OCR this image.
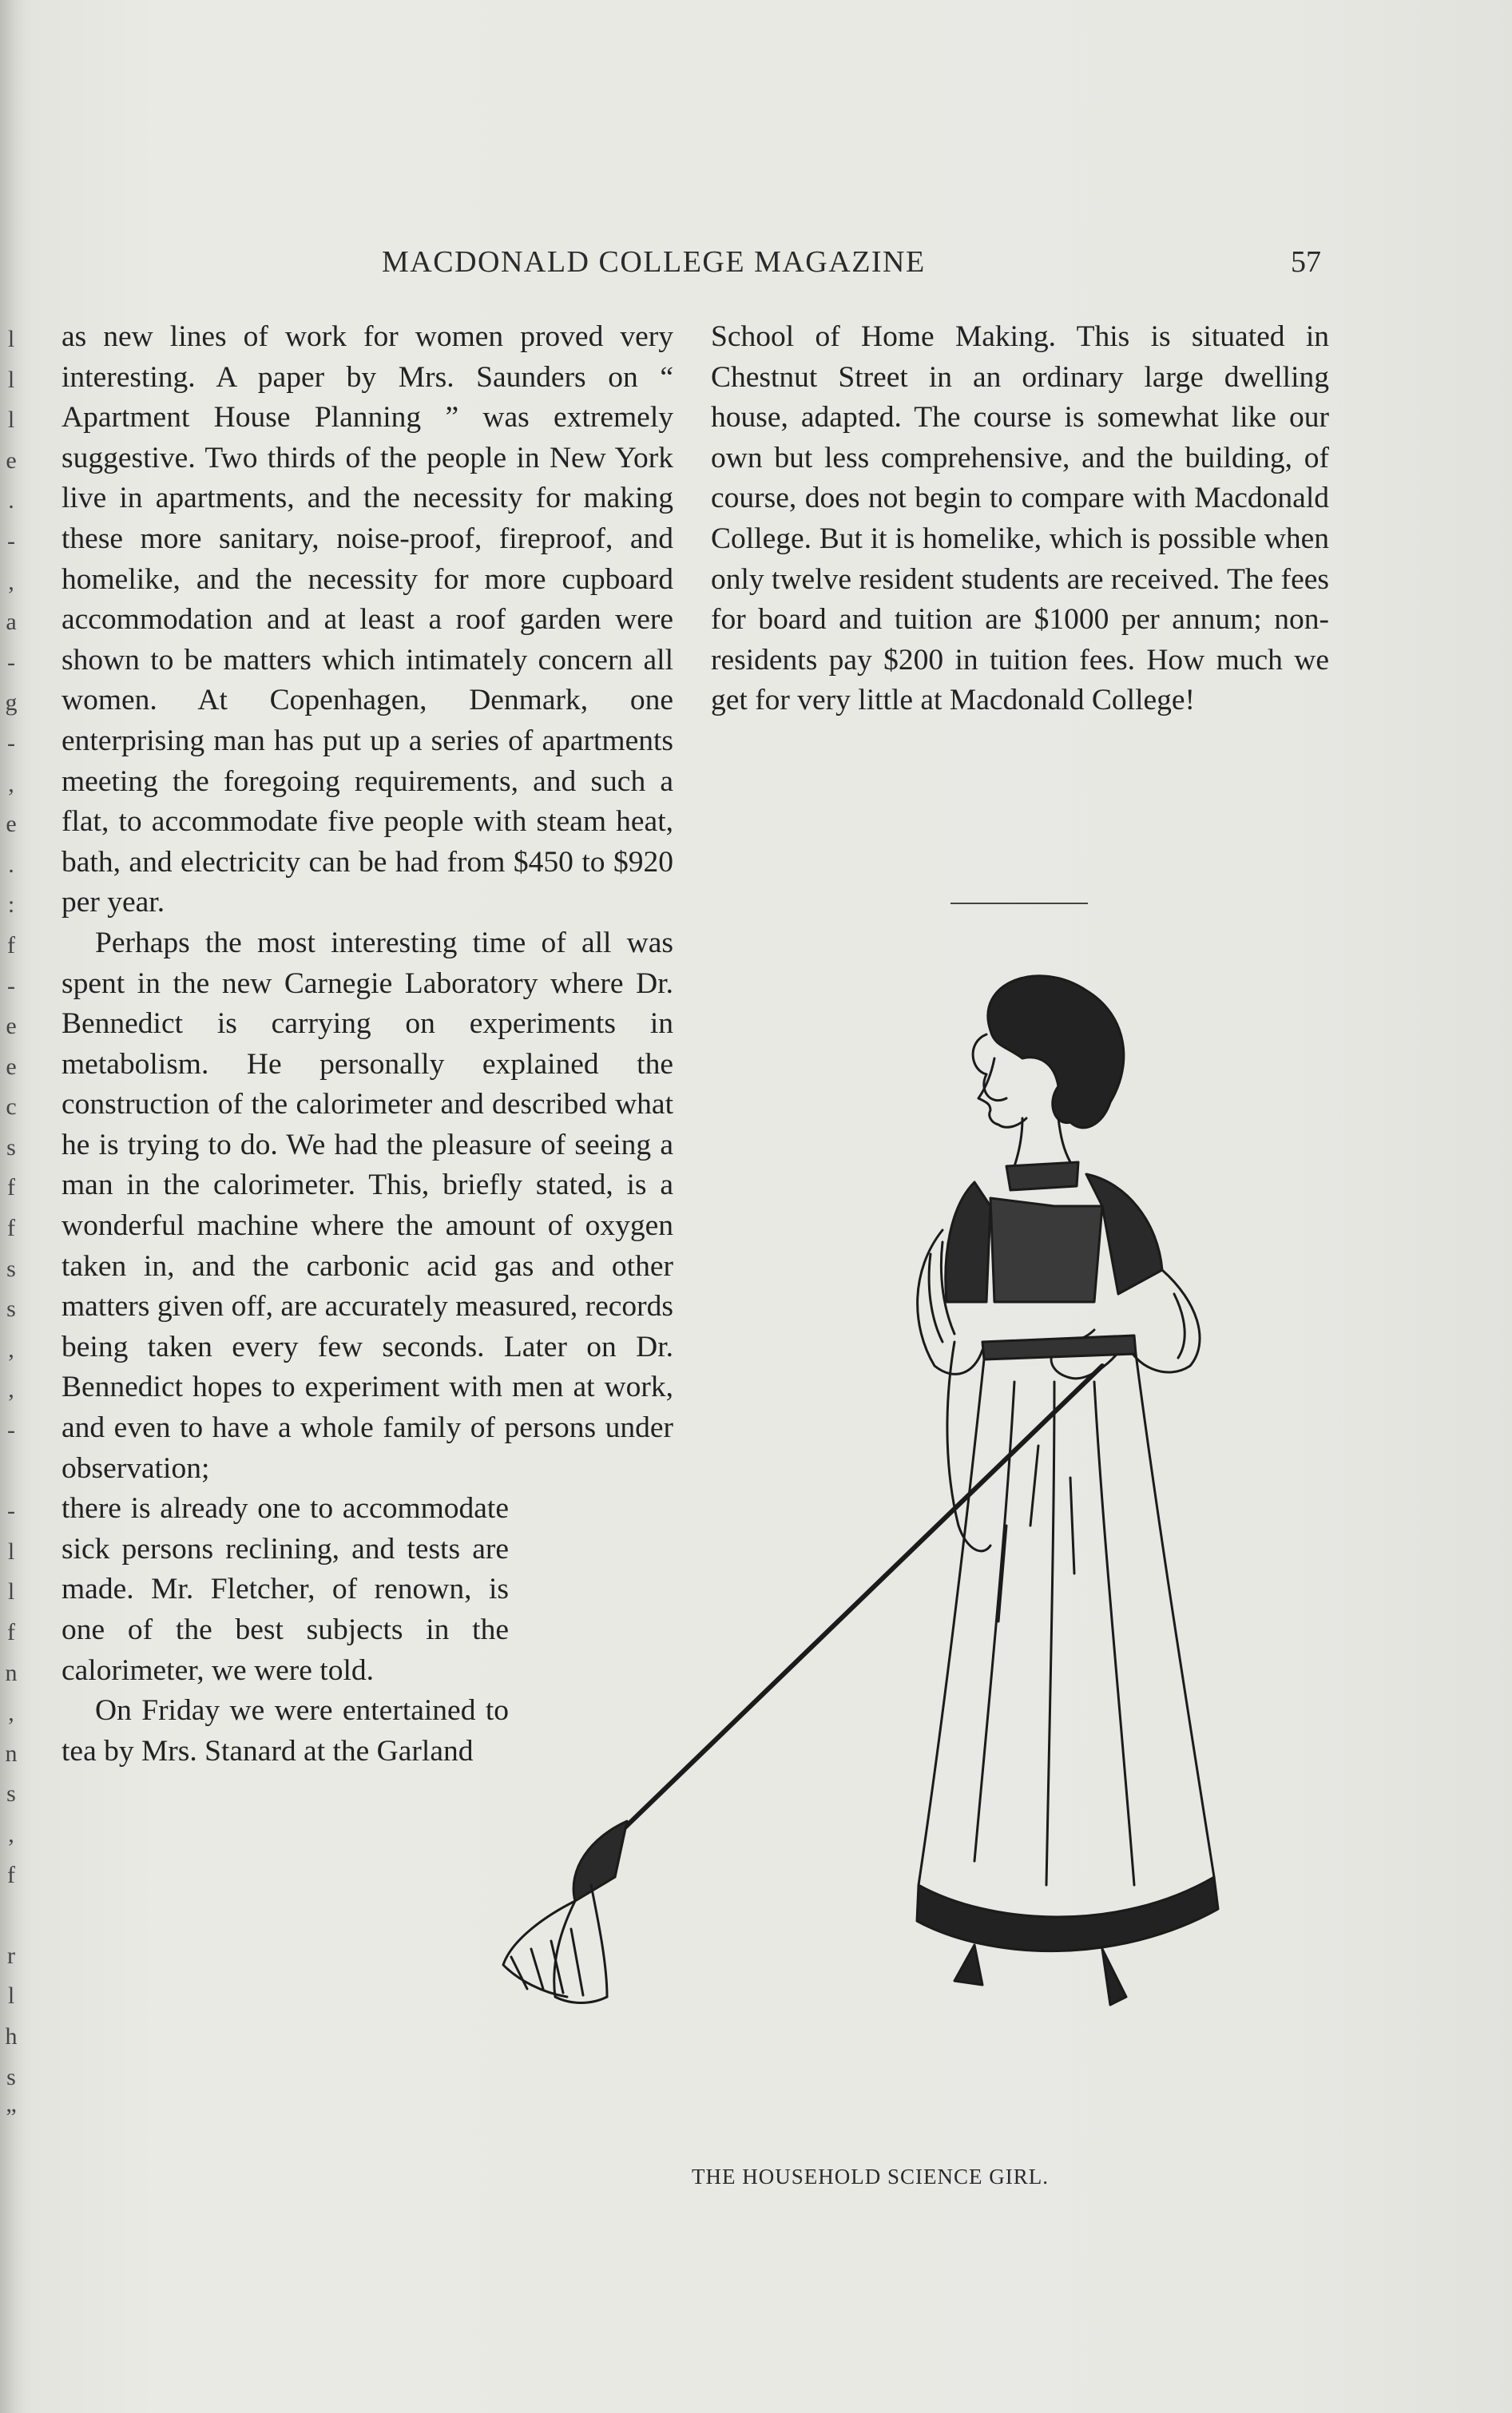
l
l
l
e
.
-
,
a
-
g
-
,
e
.
:
f
-
e
e
c
s
f
f
s
s
,
,
-
-
l
l
f
n
,
n
s
,
f
r
l
h
s
”
MACDONALD COLLEGE MAGAZINE	57

as new lines of work for women proved very interesting. A paper by Mrs. Saunders on “ Apartment House Planning ” was extremely suggestive. Two thirds of the people in New York live in apartments, and the necessity for making these more sanitary, noise-proof, fireproof, and homelike, and the necessity for more cupboard accommodation and at least a roof garden were shown to be matters which intimately concern all women. At Copenhagen, Denmark, one enterprising man has put up a series of apartments meeting the foregoing requirements, and such a flat, to accommodate five people with steam heat, bath, and electricity can be had from $450 to $920 per year.

Perhaps the most interesting time of all was spent in the new Carnegie Laboratory where Dr. Bennedict is carrying on experiments in metabolism. He personally explained the construction of the calorimeter and described what he is trying to do. We had the pleasure of seeing a man in the calorimeter. This, briefly stated, is a wonderful machine where the amount of oxygen taken in, and the carbonic acid gas and other matters given off, are accurately measured, records being taken every few seconds. Later on Dr. Bennedict hopes to experiment with men at work, and even to have a whole family of persons under observation;

there is already one to accommodate sick persons reclining, and tests are made. Mr. Fletcher, of renown, is one of the best subjects in the calorimeter, we were told.

On Friday we were entertained to tea by Mrs. Stanard at the Garland

School of Home Making. This is situated in Chestnut Street in an ordinary large dwelling house, adapted. The course is somewhat like our own but less comprehensive, and the building, of course, does not begin to compare with Macdonald College. But it is homelike, which is possible when only twelve resident students are received. The fees for board and tuition are $1000 per annum; non-residents pay $200 in tuition fees. How much we get for very little at Macdonald College!

THE HOUSEHOLD SCIENCE GIRL.
